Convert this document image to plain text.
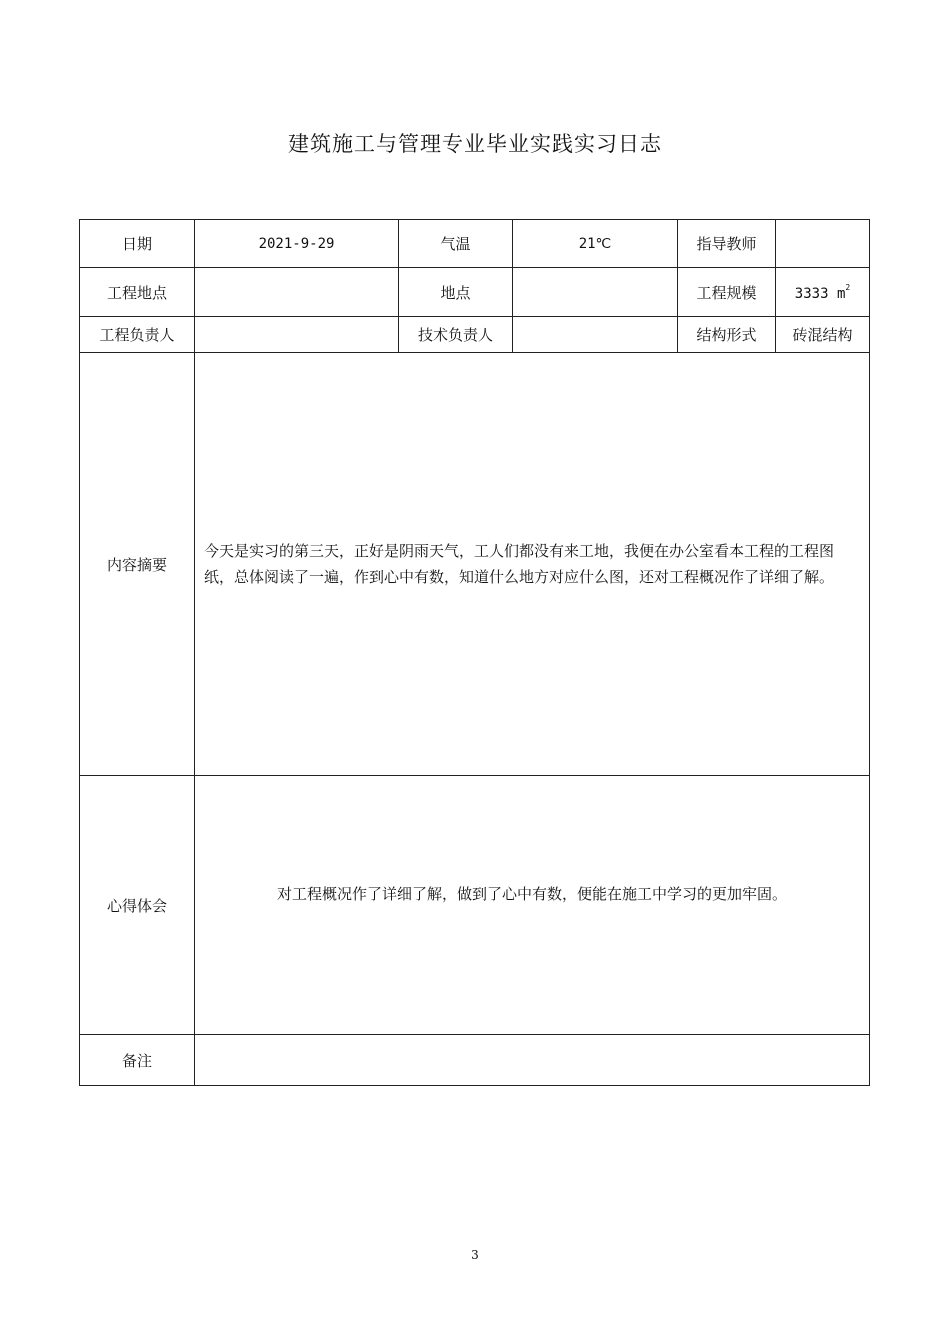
建筑施工与管理专业毕业实践实习日志
日期	2021-9-29	气温	21℃	指导教师	
工程地点		地点		工程规模	3333 $m^2$
工程负责人		技术负责人		结构形式	砖混结构
内容摘要	今天是实习的第三天，正好是阴雨天气，工人们都没有来工地，我便在办公室看本工程的工程图纸，总体阅读了一遍，作到心中有数，知道什么地方对应什么图，还对工程概况作了详细了解。				
心得体会	对工程概况作了详细了解，做到了心中有数，便能在施工中学习的更加牢固。				

备注					
3
